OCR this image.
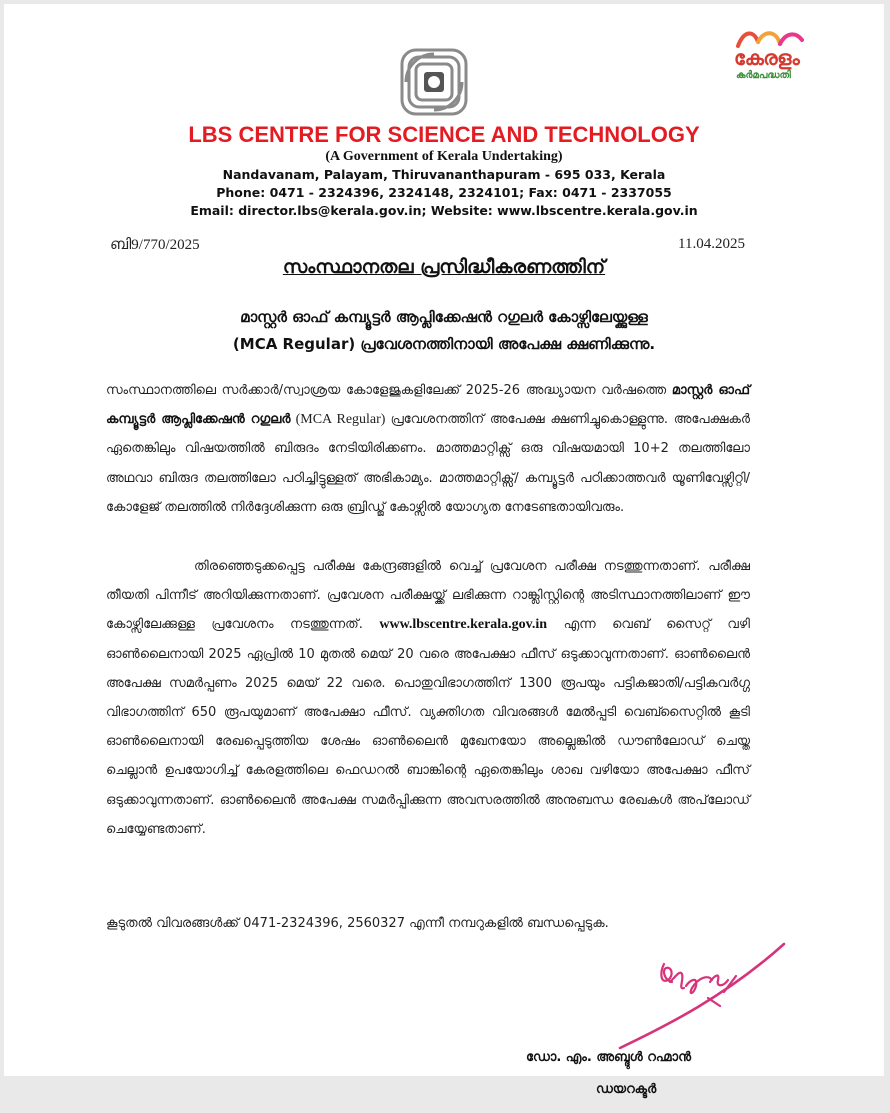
കേരളം
കർമപദ്ധതി
LBS CENTRE FOR SCIENCE AND TECHNOLOGY
(A Government of Kerala Undertaking)
Nandavanam, Palayam, Thiruvananthapuram - 695 033, Kerala
Phone: 0471 - 2324396, 2324148, 2324101; Fax: 0471 - 2337055
Email: director.lbs@kerala.gov.in; Website: www.lbscentre.kerala.gov.in
ബി9/770/2025	11.04.2025
സംസ്ഥാനതല പ്രസിദ്ധീകരണത്തിന്
മാസ്റ്റർ ഓഫ് കമ്പ്യൂട്ടർ ആപ്ലിക്കേഷൻ റഗുലർ കോഴ്സിലേയ്ക്കുള്ള
(MCA Regular) പ്രവേശനത്തിനായി അപേക്ഷ ക്ഷണിക്കുന്നു.
സംസ്ഥാനത്തിലെ സർക്കാർ/സ്വാശ്രയ കോളേജുകളിലേക്ക് 2025-26 അദ്ധ്യായന വർഷത്തെ മാസ്റ്റർ ഓഫ് കമ്പ്യൂട്ടർ ആപ്ലിക്കേഷൻ റഗുലർ (MCA Regular) പ്രവേശനത്തിന് അപേക്ഷ ക്ഷണിച്ചുകൊള്ളുന്നു. അപേക്ഷകർ ഏതെങ്കിലും വിഷയത്തിൽ ബിരുദം നേടിയിരിക്കണം. മാത്തമാറ്റിക്സ് ഒരു വിഷയമായി 10+2 തലത്തിലോ അഥവാ ബിരുദ തലത്തിലോ പഠിച്ചിട്ടുള്ളത് അഭികാമ്യം. മാത്തമാറ്റിക്സ്/ കമ്പ്യൂട്ടർ പഠിക്കാത്തവർ യൂണിവേഴ്സിറ്റി/കോളേജ് തലത്തിൽ നിർദ്ദേശിക്കുന്ന ഒരു ബ്രിഡ്ജ് കോഴ്സിൽ യോഗ്യത നേടേണ്ടതായിവരും.
തിരഞ്ഞെടുക്കപ്പെട്ട പരീക്ഷ കേന്ദ്രങ്ങളിൽ വെച്ച് പ്രവേശന പരീക്ഷ നടത്തുന്നതാണ്. പരീക്ഷ തീയതി പിന്നീട് അറിയിക്കുന്നതാണ്. പ്രവേശന പരീക്ഷയ്ക്ക് ലഭിക്കുന്ന റാങ്ക്ലിസ്റ്റിന്റെ അടിസ്ഥാനത്തിലാണ് ഈ കോഴ്സിലേക്കുള്ള പ്രവേശനം നടത്തുന്നത്. www.lbscentre.kerala.gov.in എന്ന വെബ് സൈറ്റ് വഴി ഓൺലൈനായി 2025 ഏപ്രിൽ 10 മുതൽ മെയ് 20 വരെ അപേക്ഷാ ഫീസ് ഒടുക്കാവുന്നതാണ്. ഓൺലൈൻ അപേക്ഷ സമർപ്പണം 2025 മെയ് 22 വരെ. പൊതുവിഭാഗത്തിന് 1300 രൂപയും പട്ടികജാതി/പട്ടികവർഗ്ഗ വിഭാഗത്തിന് 650 രൂപയുമാണ് അപേക്ഷാ ഫീസ്. വ്യക്തിഗത വിവരങ്ങൾ മേൽപ്പടി വെബ്സൈറ്റിൽ കൂടി ഓൺലൈനായി രേഖപ്പെടുത്തിയ ശേഷം ഓൺലൈൻ മുഖേനയോ അല്ലെങ്കിൽ ഡൗൺലോഡ് ചെയ്ത ചെല്ലാൻ ഉപയോഗിച്ച് കേരളത്തിലെ ഫെഡറൽ ബാങ്കിന്റെ ഏതെങ്കിലും ശാഖ വഴിയോ അപേക്ഷാ ഫീസ് ഒടുക്കാവുന്നതാണ്. ഓൺലൈൻ അപേക്ഷ സമർപ്പിക്കുന്ന അവസരത്തിൽ അനുബന്ധ രേഖകൾ അപ്‌ലോഡ് ചെയ്യേണ്ടതാണ്.
കൂടുതൽ വിവരങ്ങൾക്ക് 0471-2324396, 2560327 എന്നീ നമ്പറുകളിൽ ബന്ധപ്പെടുക.
ഡോ. എം. അബ്ദുൾ റഹ്മാൻ
ഡയറക്ടർ
